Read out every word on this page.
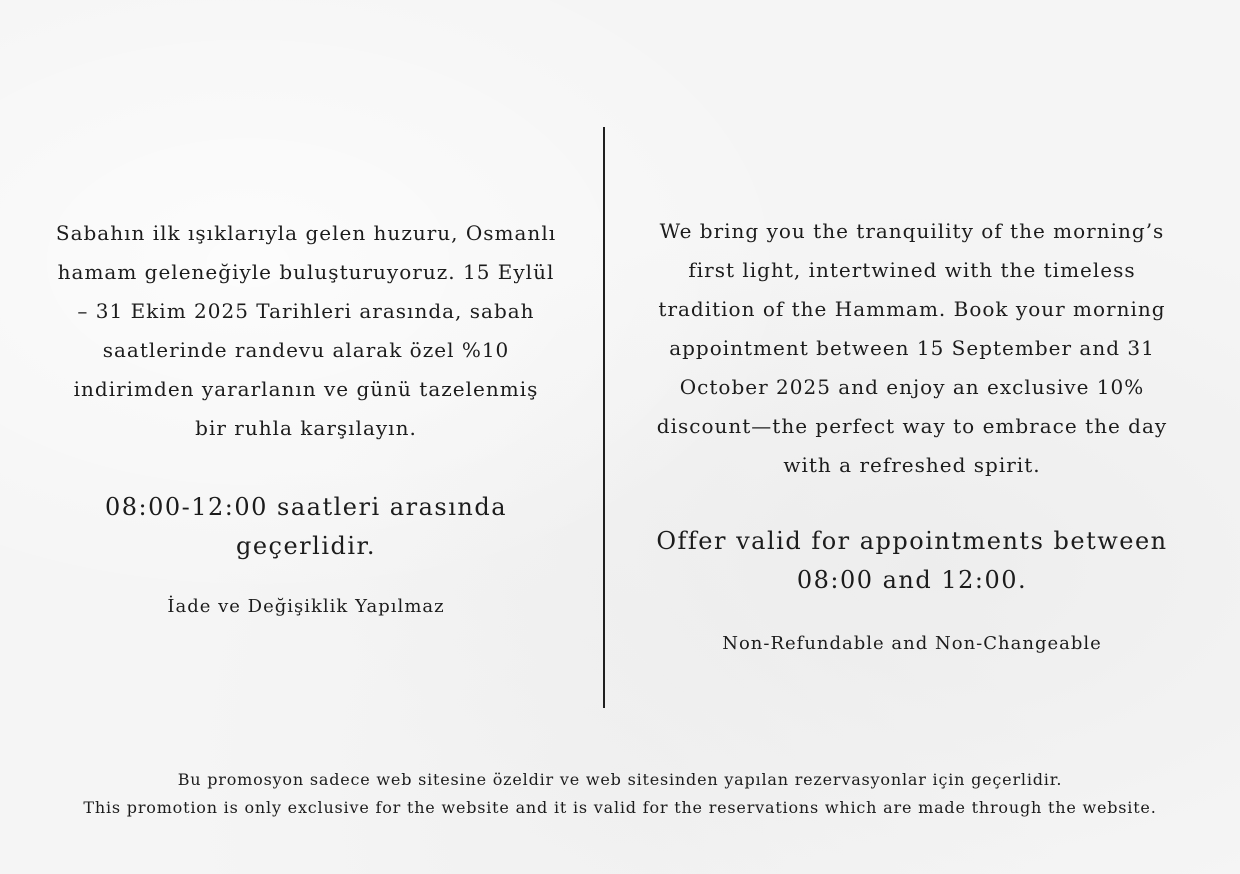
Sabahın ilk ışıklarıyla gelen huzuru, Osmanlı hamam geleneğiyle buluşturuyoruz. 15 Eylül – 31 Ekim 2025 Tarihleri arasında, sabah saatlerinde randevu alarak özel %10 indirimden yararlanın ve günü tazelenmiş bir ruhla karşılayın.

08:00-12:00 saatleri arasında geçerlidir.

İade ve Değişiklik Yapılmaz

We bring you the tranquility of the morning’s first light, intertwined with the timeless tradition of the Hammam. Book your morning appointment between 15 September and 31 October 2025 and enjoy an exclusive 10% discount—the perfect way to embrace the day with a refreshed spirit.

Offer valid for appointments between 08:00 and 12:00.

Non-Refundable and Non-Changeable

Bu promosyon sadece web sitesine özeldir ve web sitesinden yapılan rezervasyonlar için geçerlidir.

This promotion is only exclusive for the website and it is valid for the reservations which are made through the website.
